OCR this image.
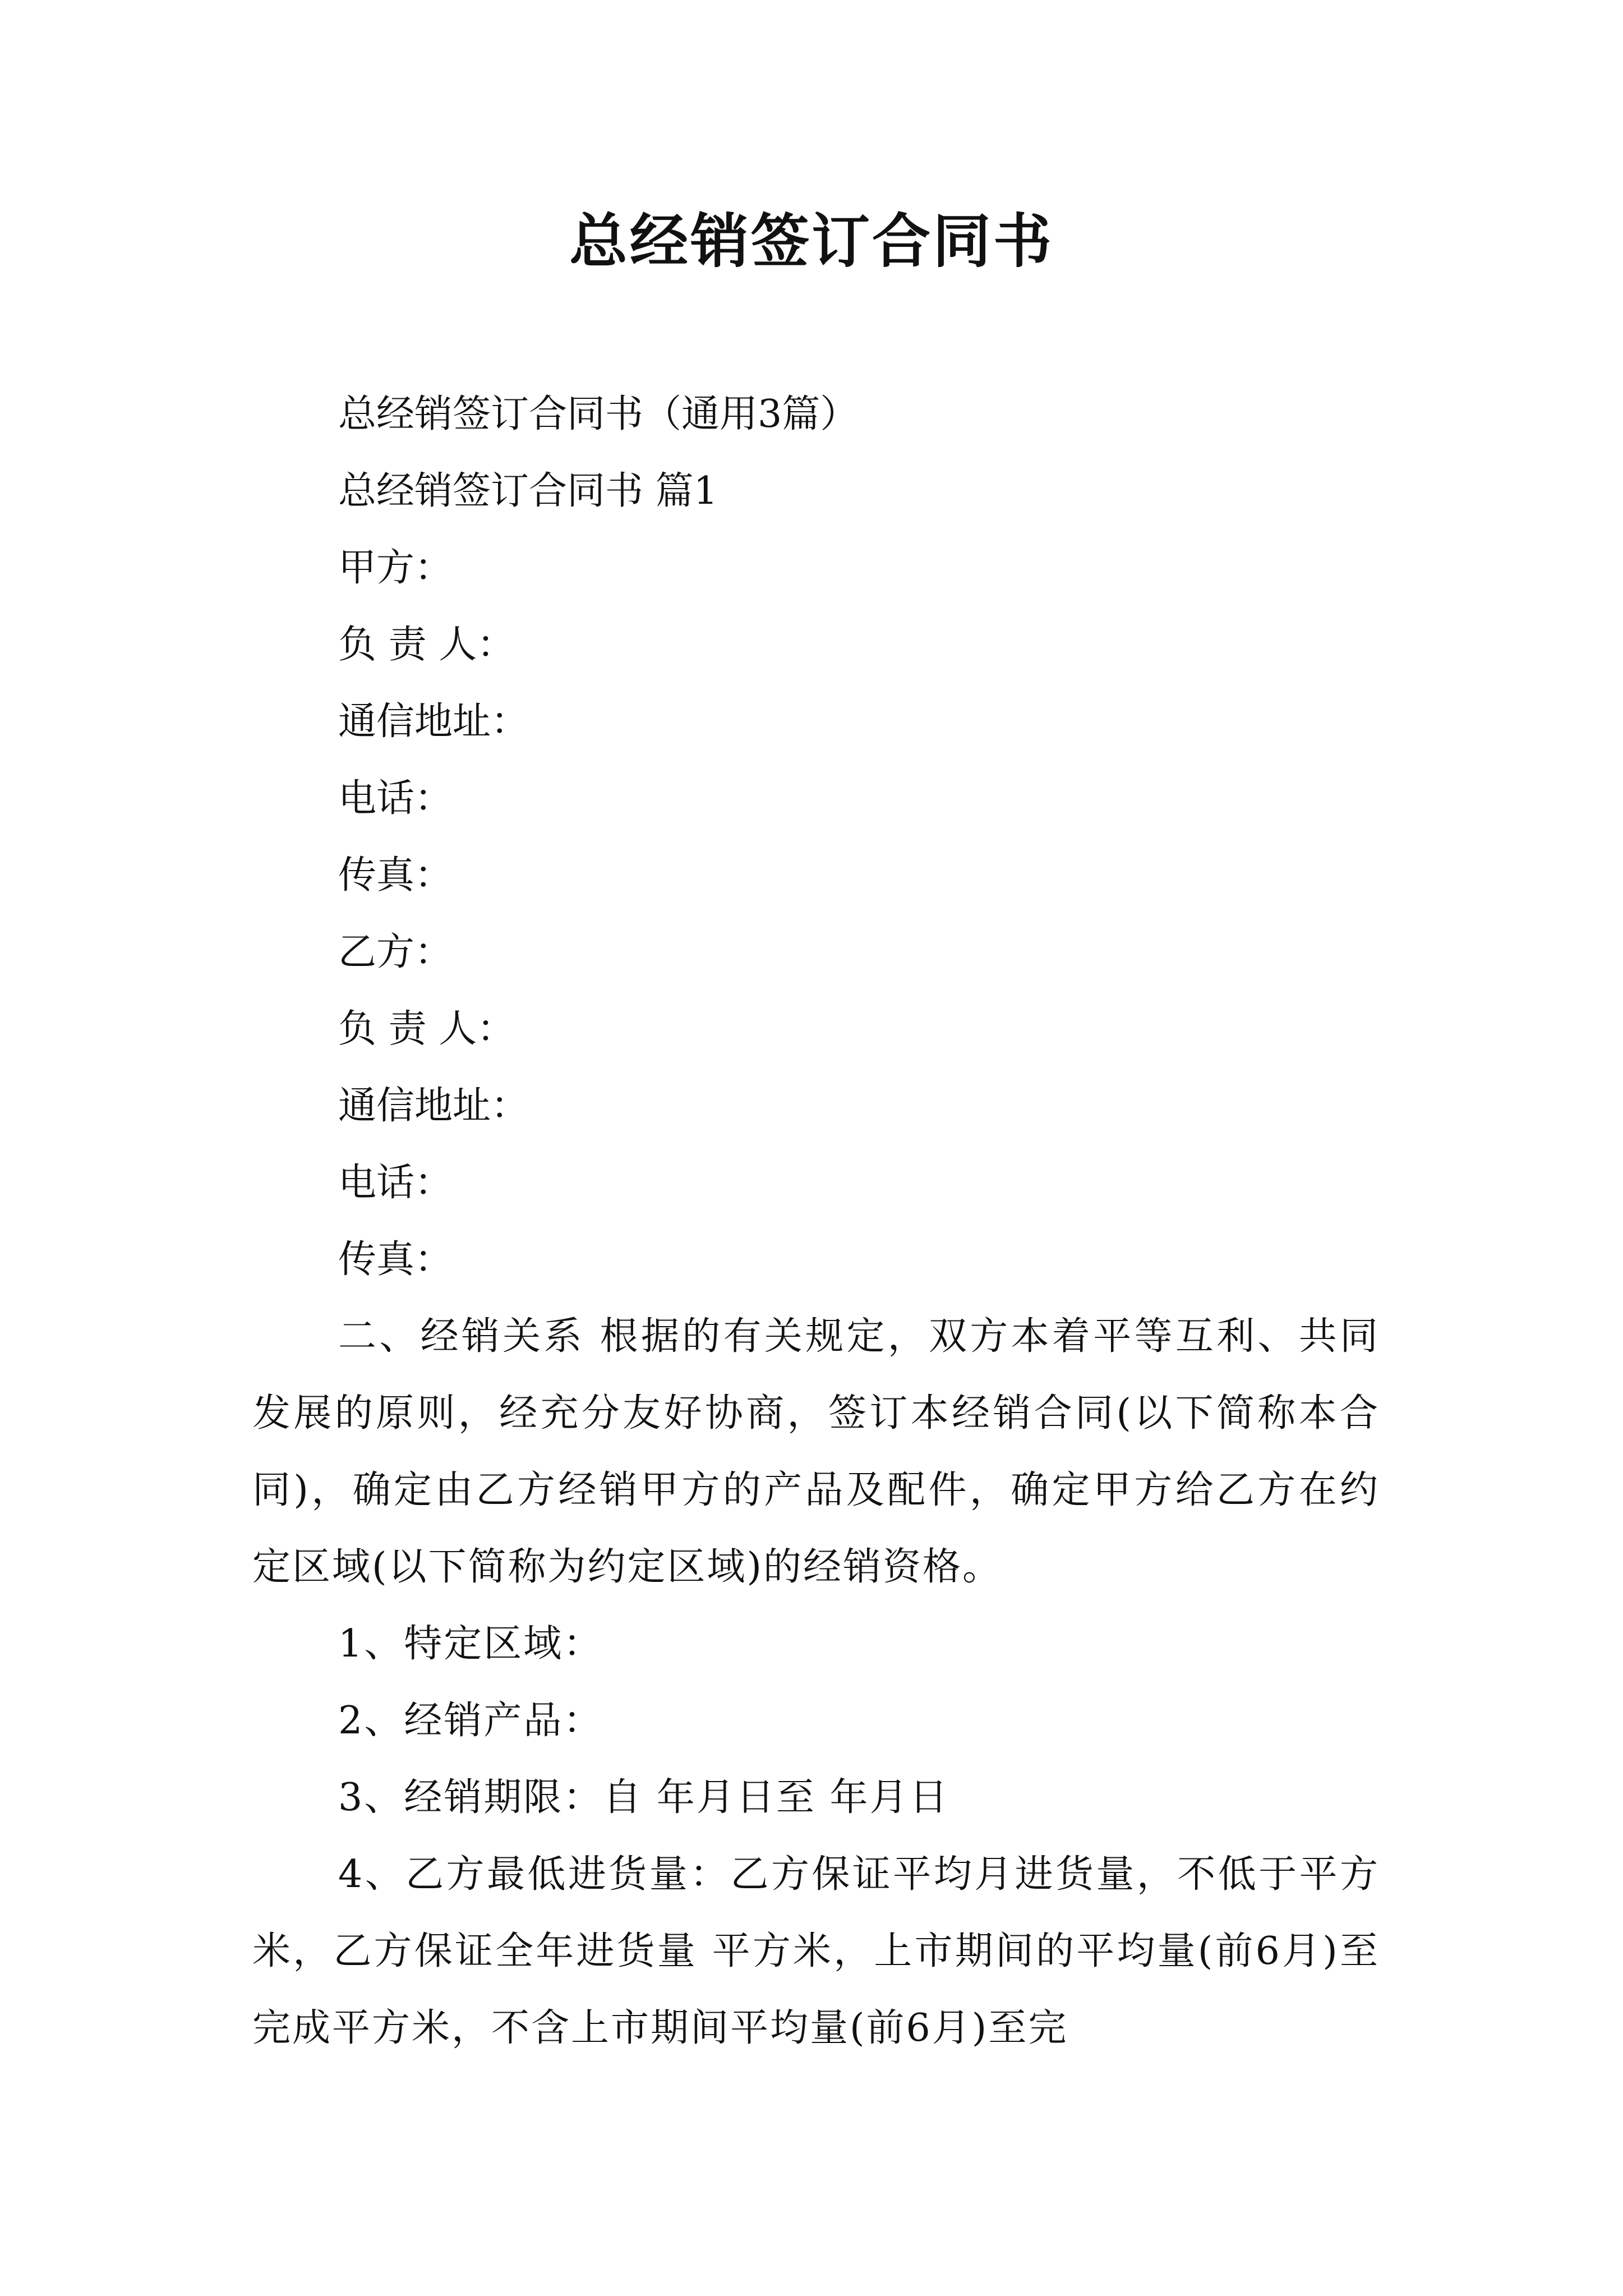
总经销签订合同书

总经销签订合同书（通用3篇）

总经销签订合同书 篇1

甲方：

负 责 人：

通信地址：

电话：

传真：

乙方：

负 责 人：

通信地址：

电话：

传真：

二、经销关系 根据的有关规定，双方本着平等互利、共同发展的原则，经充分友好协商，签订本经销合同(以下简称本合同)，确定由乙方经销甲方的产品及配件，确定甲方给乙方在约定区域(以下简称为约定区域)的经销资格。

1、特定区域：

2、经销产品：

3、经销期限：自 年月日至 年月日

4、乙方最低进货量：乙方保证平均月进货量，不低于平方米，乙方保证全年进货量 平方米，上市期间的平均量(前6月)至完成平方米，不含上市期间平均量(前6月)至完
